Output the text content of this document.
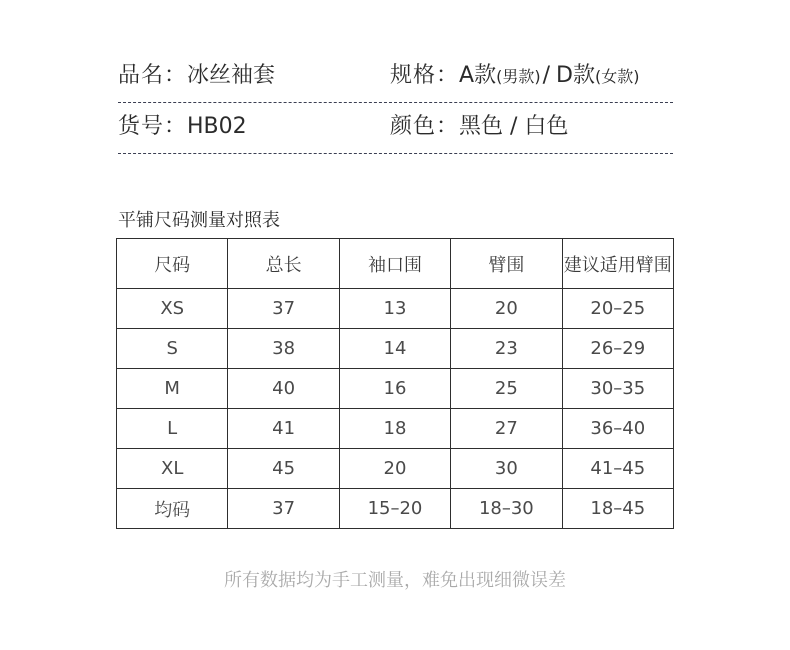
品名：冰丝袖套	规格：A款(男款)/ D款(女款)
货号：HB02	颜色：黑色 / 白色
平铺尺码测量对照表
尺码	总长	袖口围	臂围	建议适用臂围
XS	37	13	20	20–25
S	38	14	23	26–29
M	40	16	25	30–35
L	41	18	27	36–40
XL	45	20	30	41–45
均码	37	15–20	18–30	18–45
所有数据均为手工测量，难免出现细微误差
